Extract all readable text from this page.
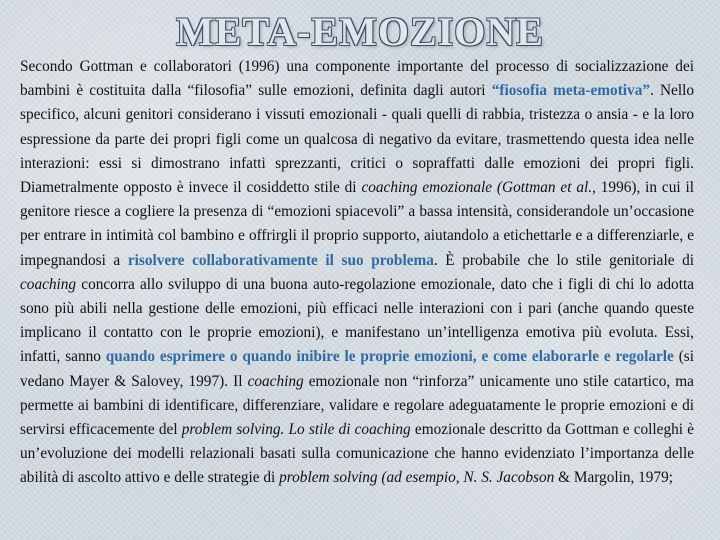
META-EMOZIONE

Secondo Gottman e collaboratori (1996) una componente importante del processo di socializzazione dei bambini è costituita dalla “filosofia” sulle emozioni, definita dagli autori “fiosofia meta-emotiva”. Nello specifico, alcuni genitori considerano i vissuti emozionali - quali quelli di rabbia, tristezza o ansia - e la loro espressione da parte dei propri figli come un qualcosa di negativo da evitare, trasmettendo questa idea nelle interazioni: essi si dimostrano infatti sprezzanti, critici o sopraffatti dalle emozioni dei propri figli. Diametralmente opposto è invece il cosiddetto stile di coaching emozionale (Gottman et al., 1996), in cui il genitore riesce a cogliere la presenza di “emozioni spiacevoli” a bassa intensità, considerandole un’occasione per entrare in intimità col bambino e offrirgli il proprio supporto, aiutandolo a etichettarle e a differenziarle, e impegnandosi a risolvere collaborativamente il suo problema. È probabile che lo stile genitoriale di coaching concorra allo sviluppo di una buona auto-regolazione emozionale, dato che i figli di chi lo adotta sono più abili nella gestione delle emozioni, più efficaci nelle interazioni con i pari (anche quando queste implicano il contatto con le proprie emozioni), e manifestano un’intelligenza emotiva più evoluta. Essi, infatti, sanno quando esprimere o quando inibire le proprie emozioni, e come elaborarle e regolarle (si vedano Mayer & Salovey, 1997). Il coaching emozionale non “rinforza” unicamente uno stile catartico, ma permette ai bambini di identificare, differenziare, validare e regolare adeguatamente le proprie emozioni e di servirsi efficacemente del problem solving. Lo stile di coaching emozionale descritto da Gottman e colleghi è un’evoluzione dei modelli relazionali basati sulla comunicazione che hanno evidenziato l’importanza delle abilità di ascolto attivo e delle strategie di problem solving (ad esempio, N. S. Jacobson & Margolin, 1979;
